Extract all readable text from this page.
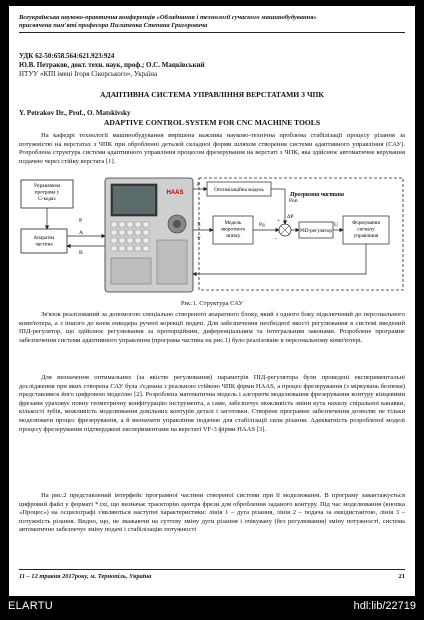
Всеукраїнська науково-практична конференція «Обладнання і технології сучасного машинобудування»
присвячена пам'яті професора Пилипенка Степана Григоровича
УДК 62-50:658.564:621.923:924
Ю.В. Петраков, докт. техн. наук, проф.; О.С. Мацківський
НТУУ «КПІ імені Ігоря Сікорського», Україна
АДАПТИВНА СИСТЕМА УПРАВЛІННЯ ВЕРСТАТАМИ З ЧПК
Y. Petrakov Dr., Prof., O. Matskivsky
ADAPTIVE CONTROL SYSTEM FOR CNC MACHINE TOOLS
На кафедрі технології машинобудування вирішена важлива науково-технічна проблема стабілізації процесу різання за потужністю на верстатах з ЧПК при обробленні деталей складної форми шляхом створення системи адаптивного управління (САУ). Розроблена структура системи адаптивного управління процесом фрезерування на верстаті з ЧПК, яка здійснює автоматичне керування подачею через стійку верстата [1].
Управляюча програма у G-кодах
Апаратна частина
A
B
P
HAAS	Програмна частина
Оптимізаційна модель
Модель зворотного зв'язку
PID-регулятор
Формування сигналу управління
X
Y
Pд
Pоп
+
-
ΔP
U
P
Рис.1. Структура САУ
Зв'язок реалізований за допомогою спеціально створеного апаратного блоку, який з одного боку підключений до персонального комп'ютера, а з іншого до кнем енкодера ручної корекції подачі. Для забезпечення необхідної якості регулювання в системі введений ПІД-регулятор, що здійснює регулювання за пропорційним, диференціальним та інтегральним законами. Розроблене програмне забезпечення системи адаптивного управління (програма частина на рис.1) було реалізоване в персональному комп'ютері.
Для визначення оптимальних (за якістю регулювання) параметрів ПІД-регулятора були проведені експериментальні дослідження при яких створена САУ була з'єднана з реальною стійкою ЧПК фірми HAAS, а процес фрезерування (з міркувань безпеки) представлявся його цифровою моделлю [2]. Розроблена математична модель і алгоритм моделювання фрезерування контуру кінцевими фрезами ураховує повну геометричну конфігурацію інструмента, а саме, забезпечує можливість зміни кута нахилу спіральної канавки, кількості зубів, можливість моделювання довільних контурів деталі і заготовки. Створене програмне забезпечення дозволяє не тільки моделювати процес фрезерування, а й визначати управління подачею для стабілізації сили різання. Адекватність розробленої моделі процесу фрезерування підтверджені експериментами на верстаті VF-3 фірми HAAS [3].
На рис.2 представлений інтерфейс програмної частини створеної системи при її моделюванні. В програму завантажується цифровий файл у форматі *.txt, що визначає траєкторію центра фрези для оброблення заданого контуру. Під час моделювання (кнопка «Процес») на осцилографі з'являються наступні характеристики: лінія 1 – дуга різання, лінія 2 – подача за еквідистантою, лінія 3 – потужність різання. Видно, що, не зважаючи на суттєву зміну дуги різання і очікувану (без регулювання) зміну потужності, система автоматично забезпечує зміну подачі і стабілізацію потужності
11 – 12 травня 2017року, м. Тернопіль, Україна	21
ELARTU	hdl:lib/22719
